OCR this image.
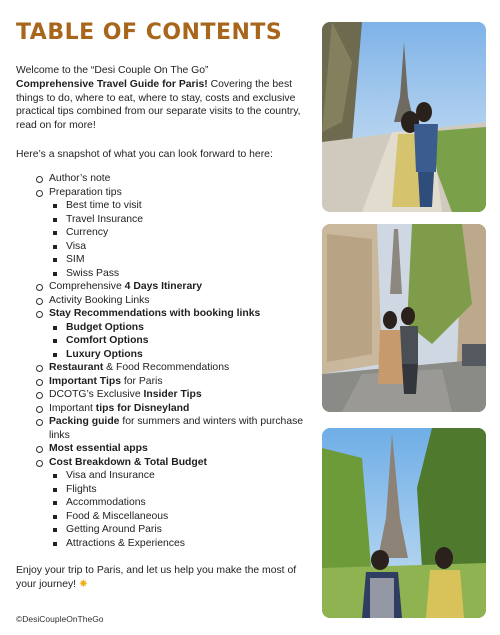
TABLE OF CONTENTS

Welcome to the “Desi Couple On The Go”
Comprehensive Travel Guide for Paris! Covering the best things to do, where to eat, where to stay, costs and exclusive practical tips combined from our separate visits to the country, read on for more!

Here’s a snapshot of what you can look forward to here:

Author’s note
Preparation tips
Best time to visit
Travel Insurance
Currency
Visa
SIM
Swiss Pass
Comprehensive 4 Days Itinerary
Activity Booking Links
Stay Recommendations with booking links
Budget Options
Comfort Options
Luxury Options
Restaurant & Food Recommendations
Important Tips for Paris
DCOTG’s Exclusive Insider Tips
Important tips for Disneyland
Packing guide for summers and winters with purchase links
Most essential apps
Cost Breakdown & Total Budget
Visa and Insurance
Flights
Accommodations
Food & Miscellaneous
Getting Around Paris
Attractions & Experiences

Enjoy your trip to Paris, and let us help you make the most of your journey! ✸

©DesiCoupleOnTheGo
